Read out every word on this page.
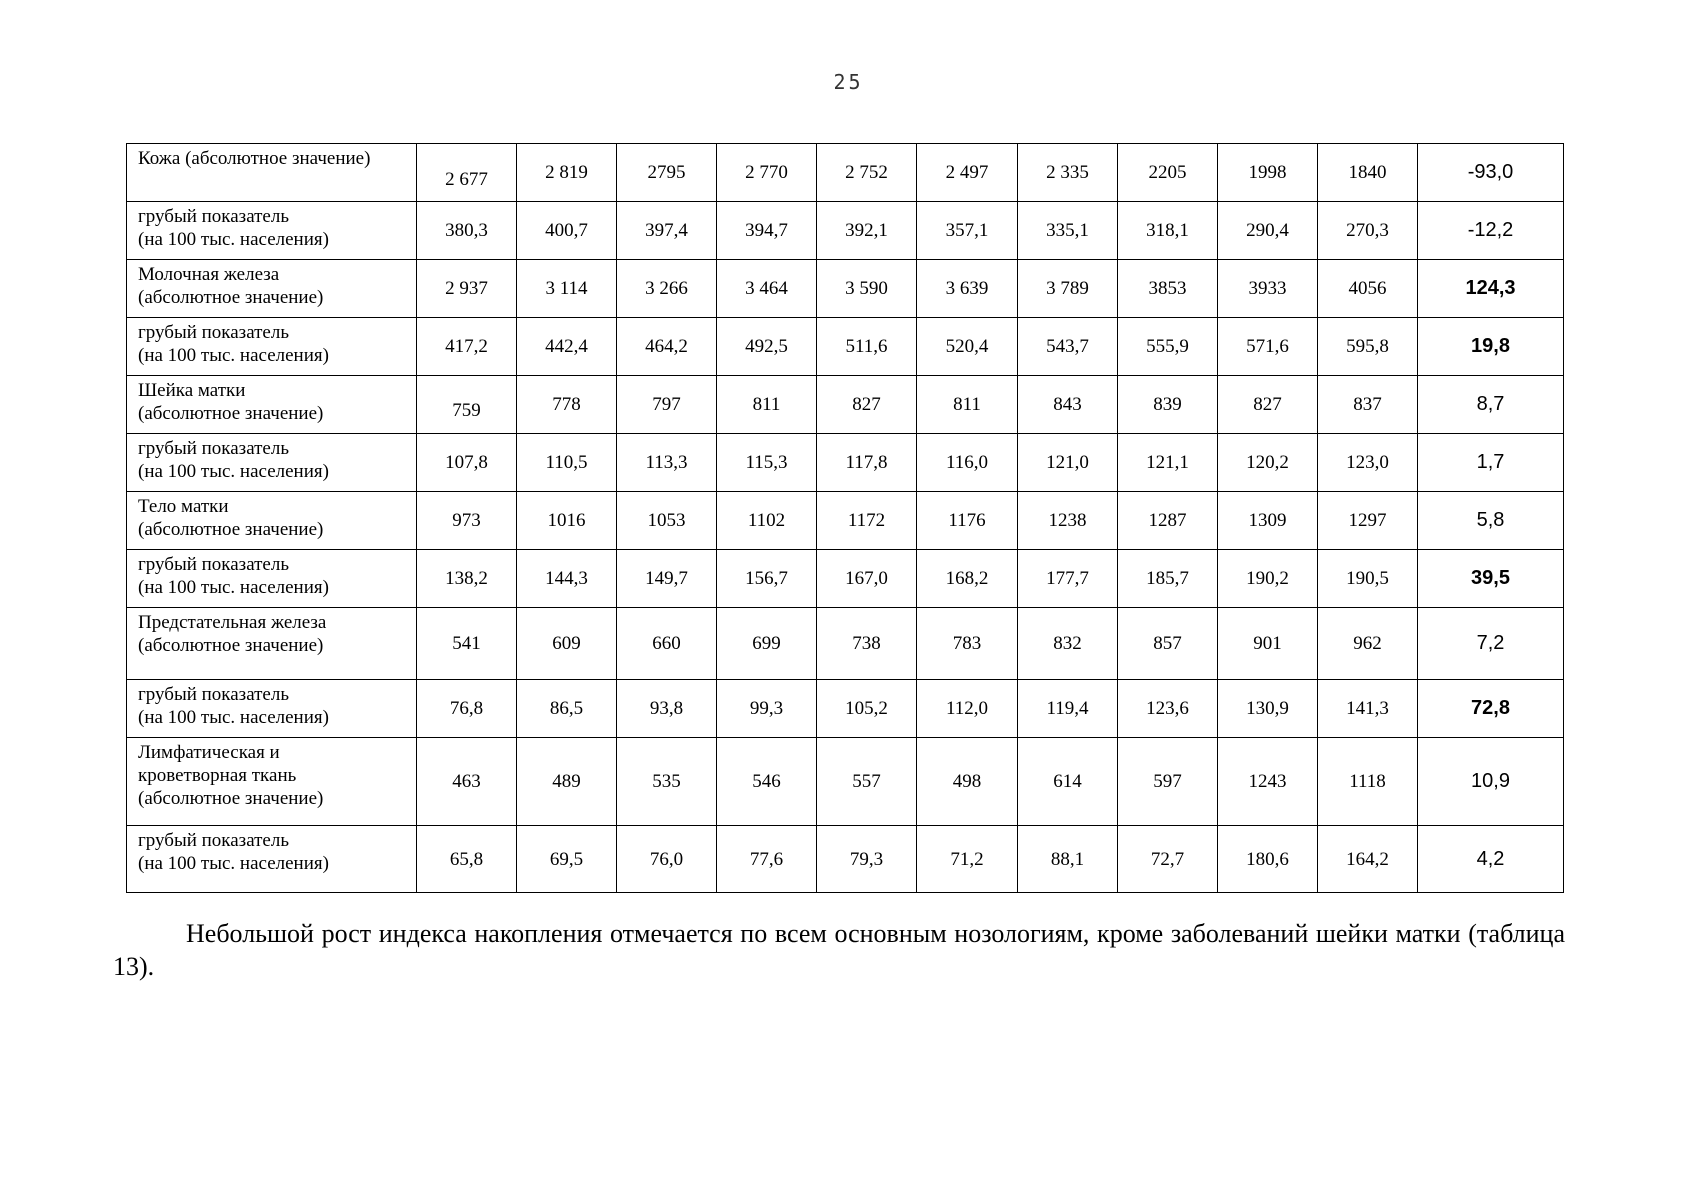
25
Кожа (абсолютное значение)	2 677	2 819	2795	2 770	2 752	2 497	2 335	2205	1998	1840	-93,0
грубый показатель
(на 100 тыс. населения)	380,3	400,7	397,4	394,7	392,1	357,1	335,1	318,1	290,4	270,3	-12,2
Молочная железа
(абсолютное значение)	2 937	3 114	3 266	3 464	3 590	3 639	3 789	3853	3933	4056	124,3
грубый показатель
(на 100 тыс. населения)	417,2	442,4	464,2	492,5	511,6	520,4	543,7	555,9	571,6	595,8	19,8
Шейка матки
(абсолютное значение)	759	778	797	811	827	811	843	839	827	837	8,7
грубый показатель
(на 100 тыс. населения)	107,8	110,5	113,3	115,3	117,8	116,0	121,0	121,1	120,2	123,0	1,7
Тело матки
(абсолютное значение)	973	1016	1053	1102	1172	1176	1238	1287	1309	1297	5,8
грубый показатель
(на 100 тыс. населения)	138,2	144,3	149,7	156,7	167,0	168,2	177,7	185,7	190,2	190,5	39,5
Предстательная железа
(абсолютное значение)	541	609	660	699	738	783	832	857	901	962	7,2
грубый показатель
(на 100 тыс. населения)	76,8	86,5	93,8	99,3	105,2	112,0	119,4	123,6	130,9	141,3	72,8
Лимфатическая и
кроветворная ткань
(абсолютное значение)	463	489	535	546	557	498	614	597	1243	1118	10,9
грубый показатель
(на 100 тыс. населения)	65,8	69,5	76,0	77,6	79,3	71,2	88,1	72,7	180,6	164,2	4,2
Небольшой рост индекса накопления отмечается по всем основным нозологиям, кроме заболеваний шейки матки (таблица 13).
